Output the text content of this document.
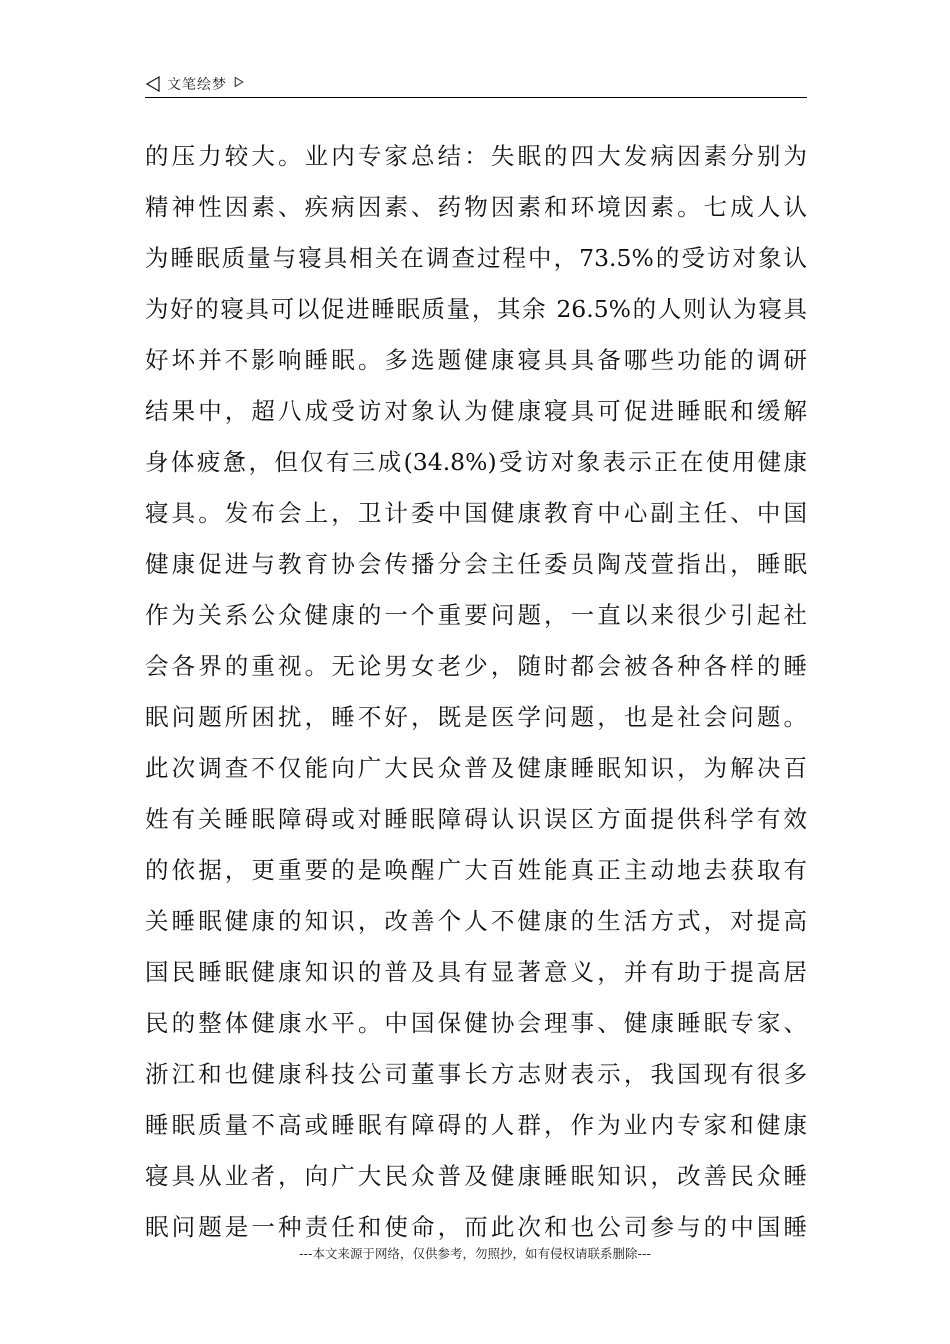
文笔绘梦
的压力较大。业内专家总结：失眠的四大发病因素分别为
精神性因素、疾病因素、药物因素和环境因素。七成人认
为睡眠质量与寝具相关在调查过程中，73.5%的受访对象认
为好的寝具可以促进睡眠质量，其余 26.5%的人则认为寝具
好坏并不影响睡眠。多选题健康寝具具备哪些功能的调研
结果中，超八成受访对象认为健康寝具可促进睡眠和缓解
身体疲惫，但仅有三成(34.8%)受访对象表示正在使用健康
寝具。发布会上，卫计委中国健康教育中心副主任、中国
健康促进与教育协会传播分会主任委员陶茂萱指出，睡眠
作为关系公众健康的一个重要问题，一直以来很少引起社
会各界的重视。无论男女老少，随时都会被各种各样的睡
眠问题所困扰，睡不好，既是医学问题，也是社会问题。
此次调查不仅能向广大民众普及健康睡眠知识，为解决百
姓有关睡眠障碍或对睡眠障碍认识误区方面提供科学有效
的依据，更重要的是唤醒广大百姓能真正主动地去获取有
关睡眠健康的知识，改善个人不健康的生活方式，对提高
国民睡眠健康知识的普及具有显著意义，并有助于提高居
民的整体健康水平。中国保健协会理事、健康睡眠专家、
浙江和也健康科技公司董事长方志财表示，我国现有很多
睡眠质量不高或睡眠有障碍的人群，作为业内专家和健康
寝具从业者，向广大民众普及健康睡眠知识，改善民众睡
眠问题是一种责任和使命，而此次和也公司参与的中国睡
---本文来源于网络，仅供参考，勿照抄，如有侵权请联系删除---
